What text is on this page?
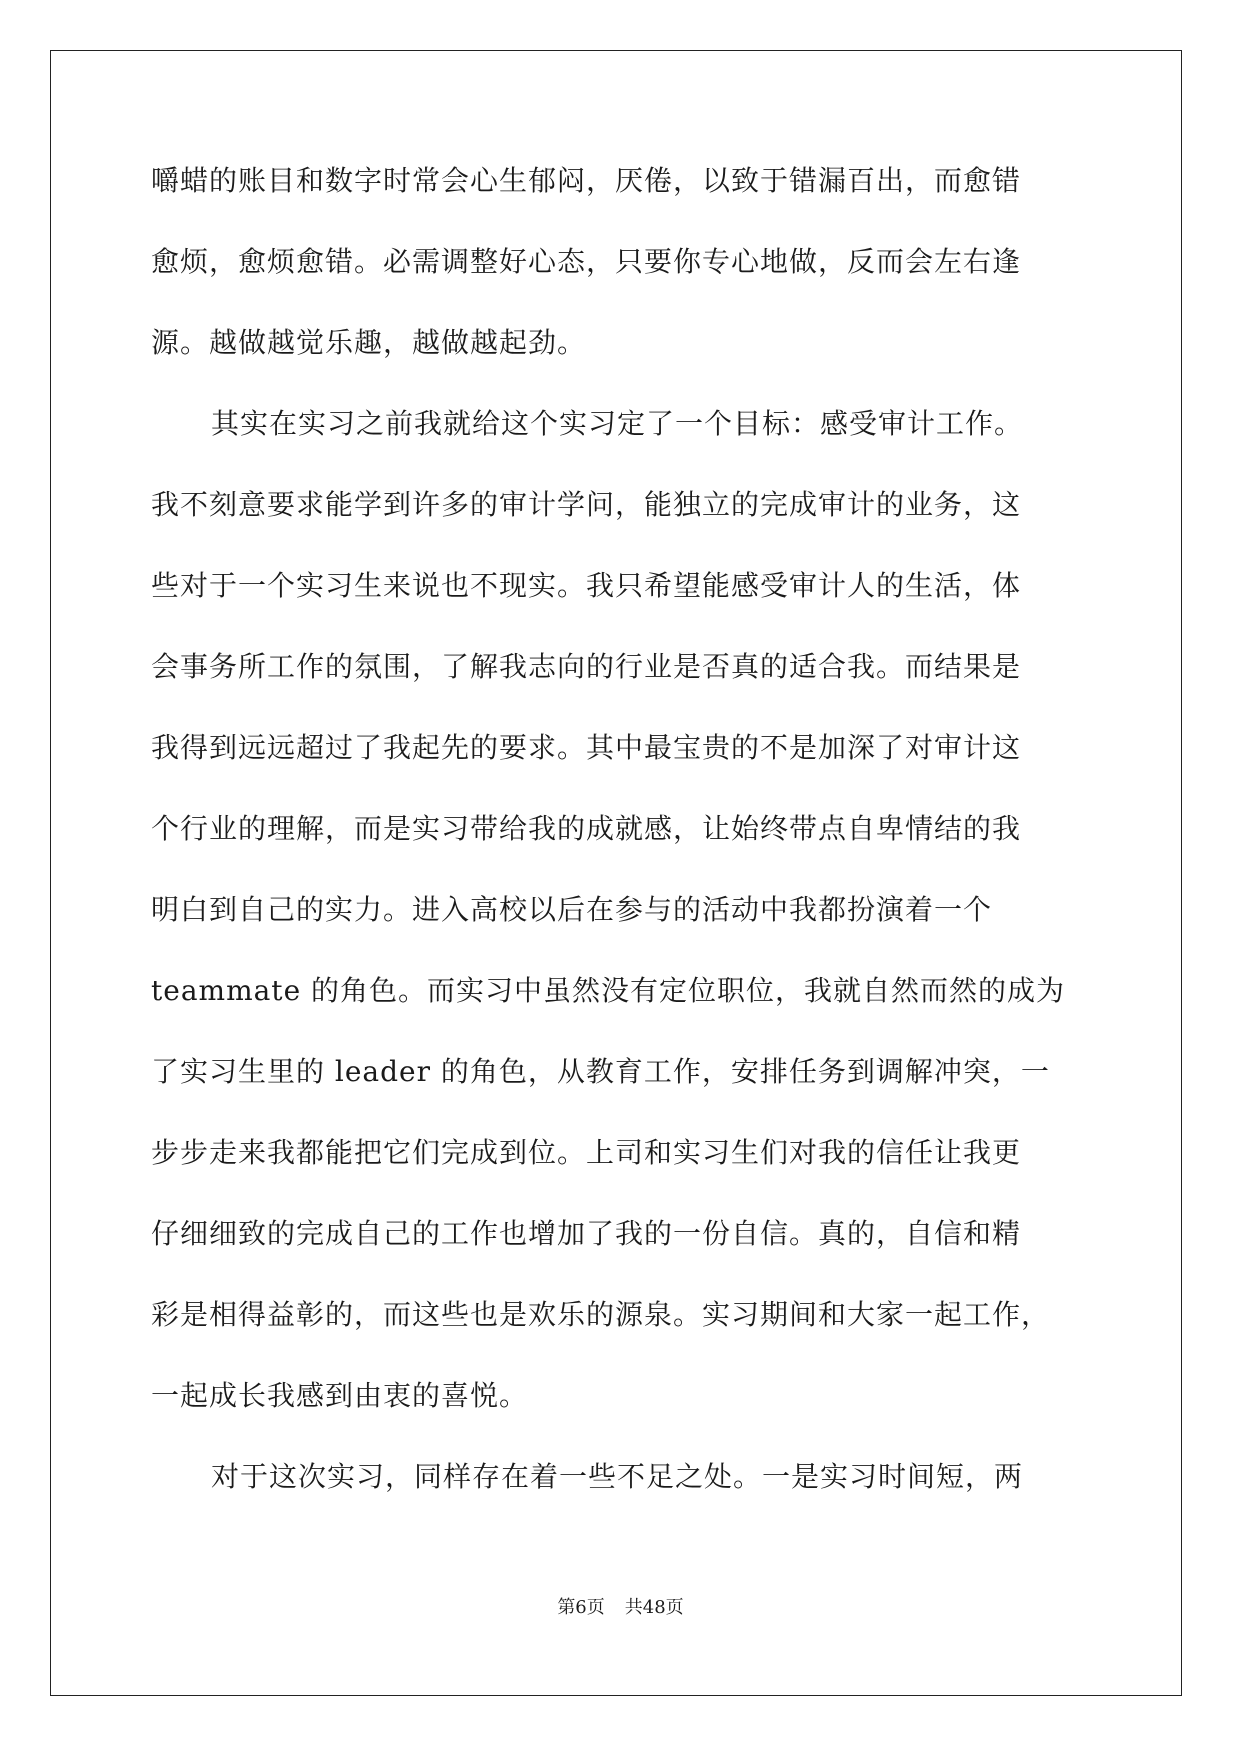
嚼蜡的账目和数字时常会心生郁闷，厌倦，以致于错漏百出，而愈错
愈烦，愈烦愈错。必需调整好心态，只要你专心地做，反而会左右逢
源。越做越觉乐趣，越做越起劲。
其实在实习之前我就给这个实习定了一个目标：感受审计工作。
我不刻意要求能学到许多的审计学问，能独立的完成审计的业务，这
些对于一个实习生来说也不现实。我只希望能感受审计人的生活，体
会事务所工作的氛围，了解我志向的行业是否真的适合我。而结果是
我得到远远超过了我起先的要求。其中最宝贵的不是加深了对审计这
个行业的理解，而是实习带给我的成就感，让始终带点自卑情结的我
明白到自己的实力。进入高校以后在参与的活动中我都扮演着一个
teammate 的角色。而实习中虽然没有定位职位，我就自然而然的成为
了实习生里的 leader 的角色，从教育工作，安排任务到调解冲突，一
步步走来我都能把它们完成到位。上司和实习生们对我的信任让我更
仔细细致的完成自己的工作也增加了我的一份自信。真的，自信和精
彩是相得益彰的，而这些也是欢乐的源泉。实习期间和大家一起工作，
一起成长我感到由衷的喜悦。
对于这次实习，同样存在着一些不足之处。一是实习时间短，两
第6页 共48页
